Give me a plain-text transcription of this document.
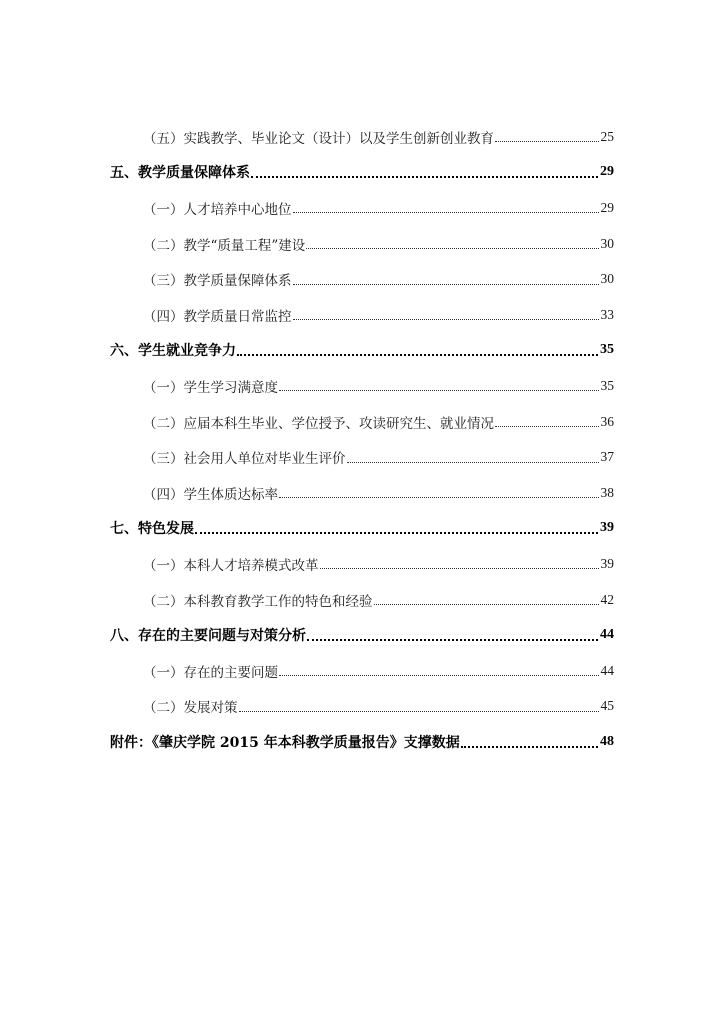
（五）实践教学、毕业论文（设计）以及学生创新创业教育	25
五、教学质量保障体系	29
（一）人才培养中心地位	29
（二）教学“质量工程”建设	30
（三）教学质量保障体系	30
（四）教学质量日常监控	33
六、学生就业竞争力	35
（一）学生学习满意度	35
（二）应届本科生毕业、学位授予、攻读研究生、就业情况	36
（三）社会用人单位对毕业生评价	37
（四）学生体质达标率	38
七、特色发展	39
（一）本科人才培养模式改革	39
（二）本科教育教学工作的特色和经验	42
八、存在的主要问题与对策分析	44
（一）存在的主要问题	44
（二）发展对策	45
附件：《肇庆学院 2015 年本科教学质量报告》支撑数据	48
